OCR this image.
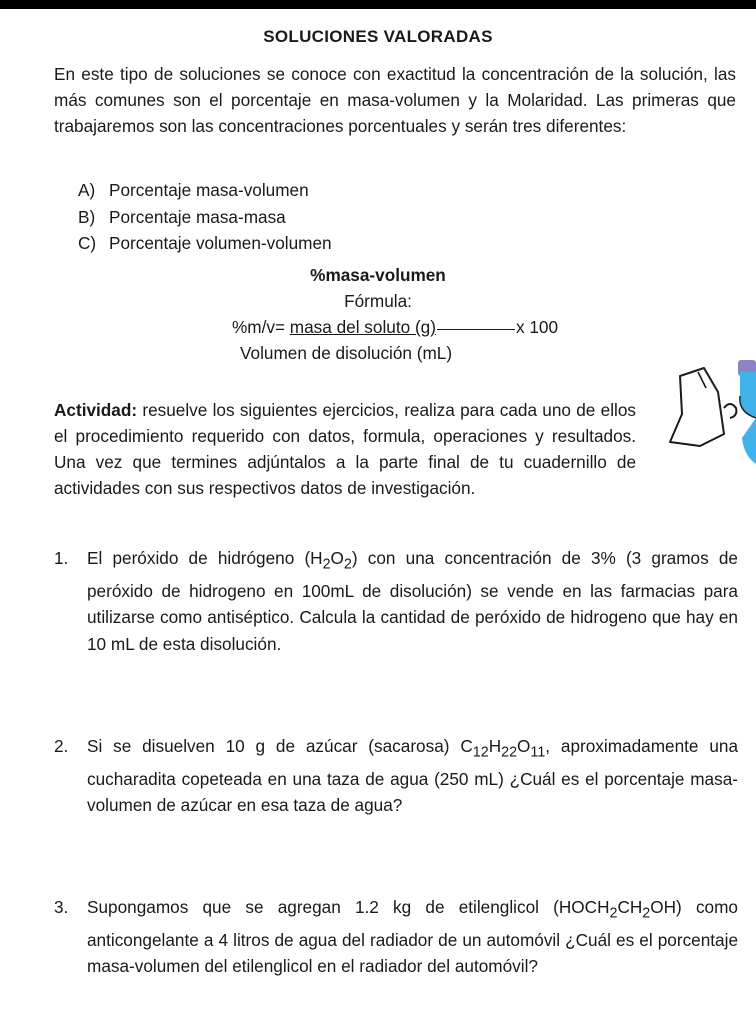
SOLUCIONES VALORADAS
En este tipo de soluciones se conoce con exactitud la concentración de la solución, las más comunes son el porcentaje en masa-volumen y la Molaridad. Las primeras que trabajaremos son las concentraciones porcentuales y serán tres diferentes:
A) Porcentaje masa-volumen
B) Porcentaje masa-masa
C) Porcentaje volumen-volumen
%masa-volumen
Fórmula:
%m/v= masa del soluto (g)	x 100
Volumen de disolución (mL)
Actividad: resuelve los siguientes ejercicios, realiza para cada uno de ellos el procedimiento requerido con datos, formula, operaciones y resultados. Una vez que termines adjúntalos a la parte final de tu cuadernillo de actividades con sus respectivos datos de investigación.
1. El peróxido de hidrógeno $(H_2O_2)$ con una concentración de 3% (3 gramos de peróxido de hidrogeno en 100mL de disolución) se vende en las farmacias para utilizarse como antiséptico. Calcula la cantidad de peróxido de hidrogeno que hay en 10 mL de esta disolución.
2. Si se disuelven 10 g de azúcar (sacarosa) $C_{12}H_{22}O_{11}$, aproximadamente una cucharadita copeteada en una taza de agua (250 mL) ¿Cuál es el porcentaje masa-volumen de azúcar en esa taza de agua?
3. Supongamos que se agregan 1.2 kg de etilenglicol $(HOCH_2CH_2OH)$ como anticongelante a 4 litros de agua del radiador de un automóvil ¿Cuál es el porcentaje masa-volumen del etilenglicol en el radiador del automóvil?
